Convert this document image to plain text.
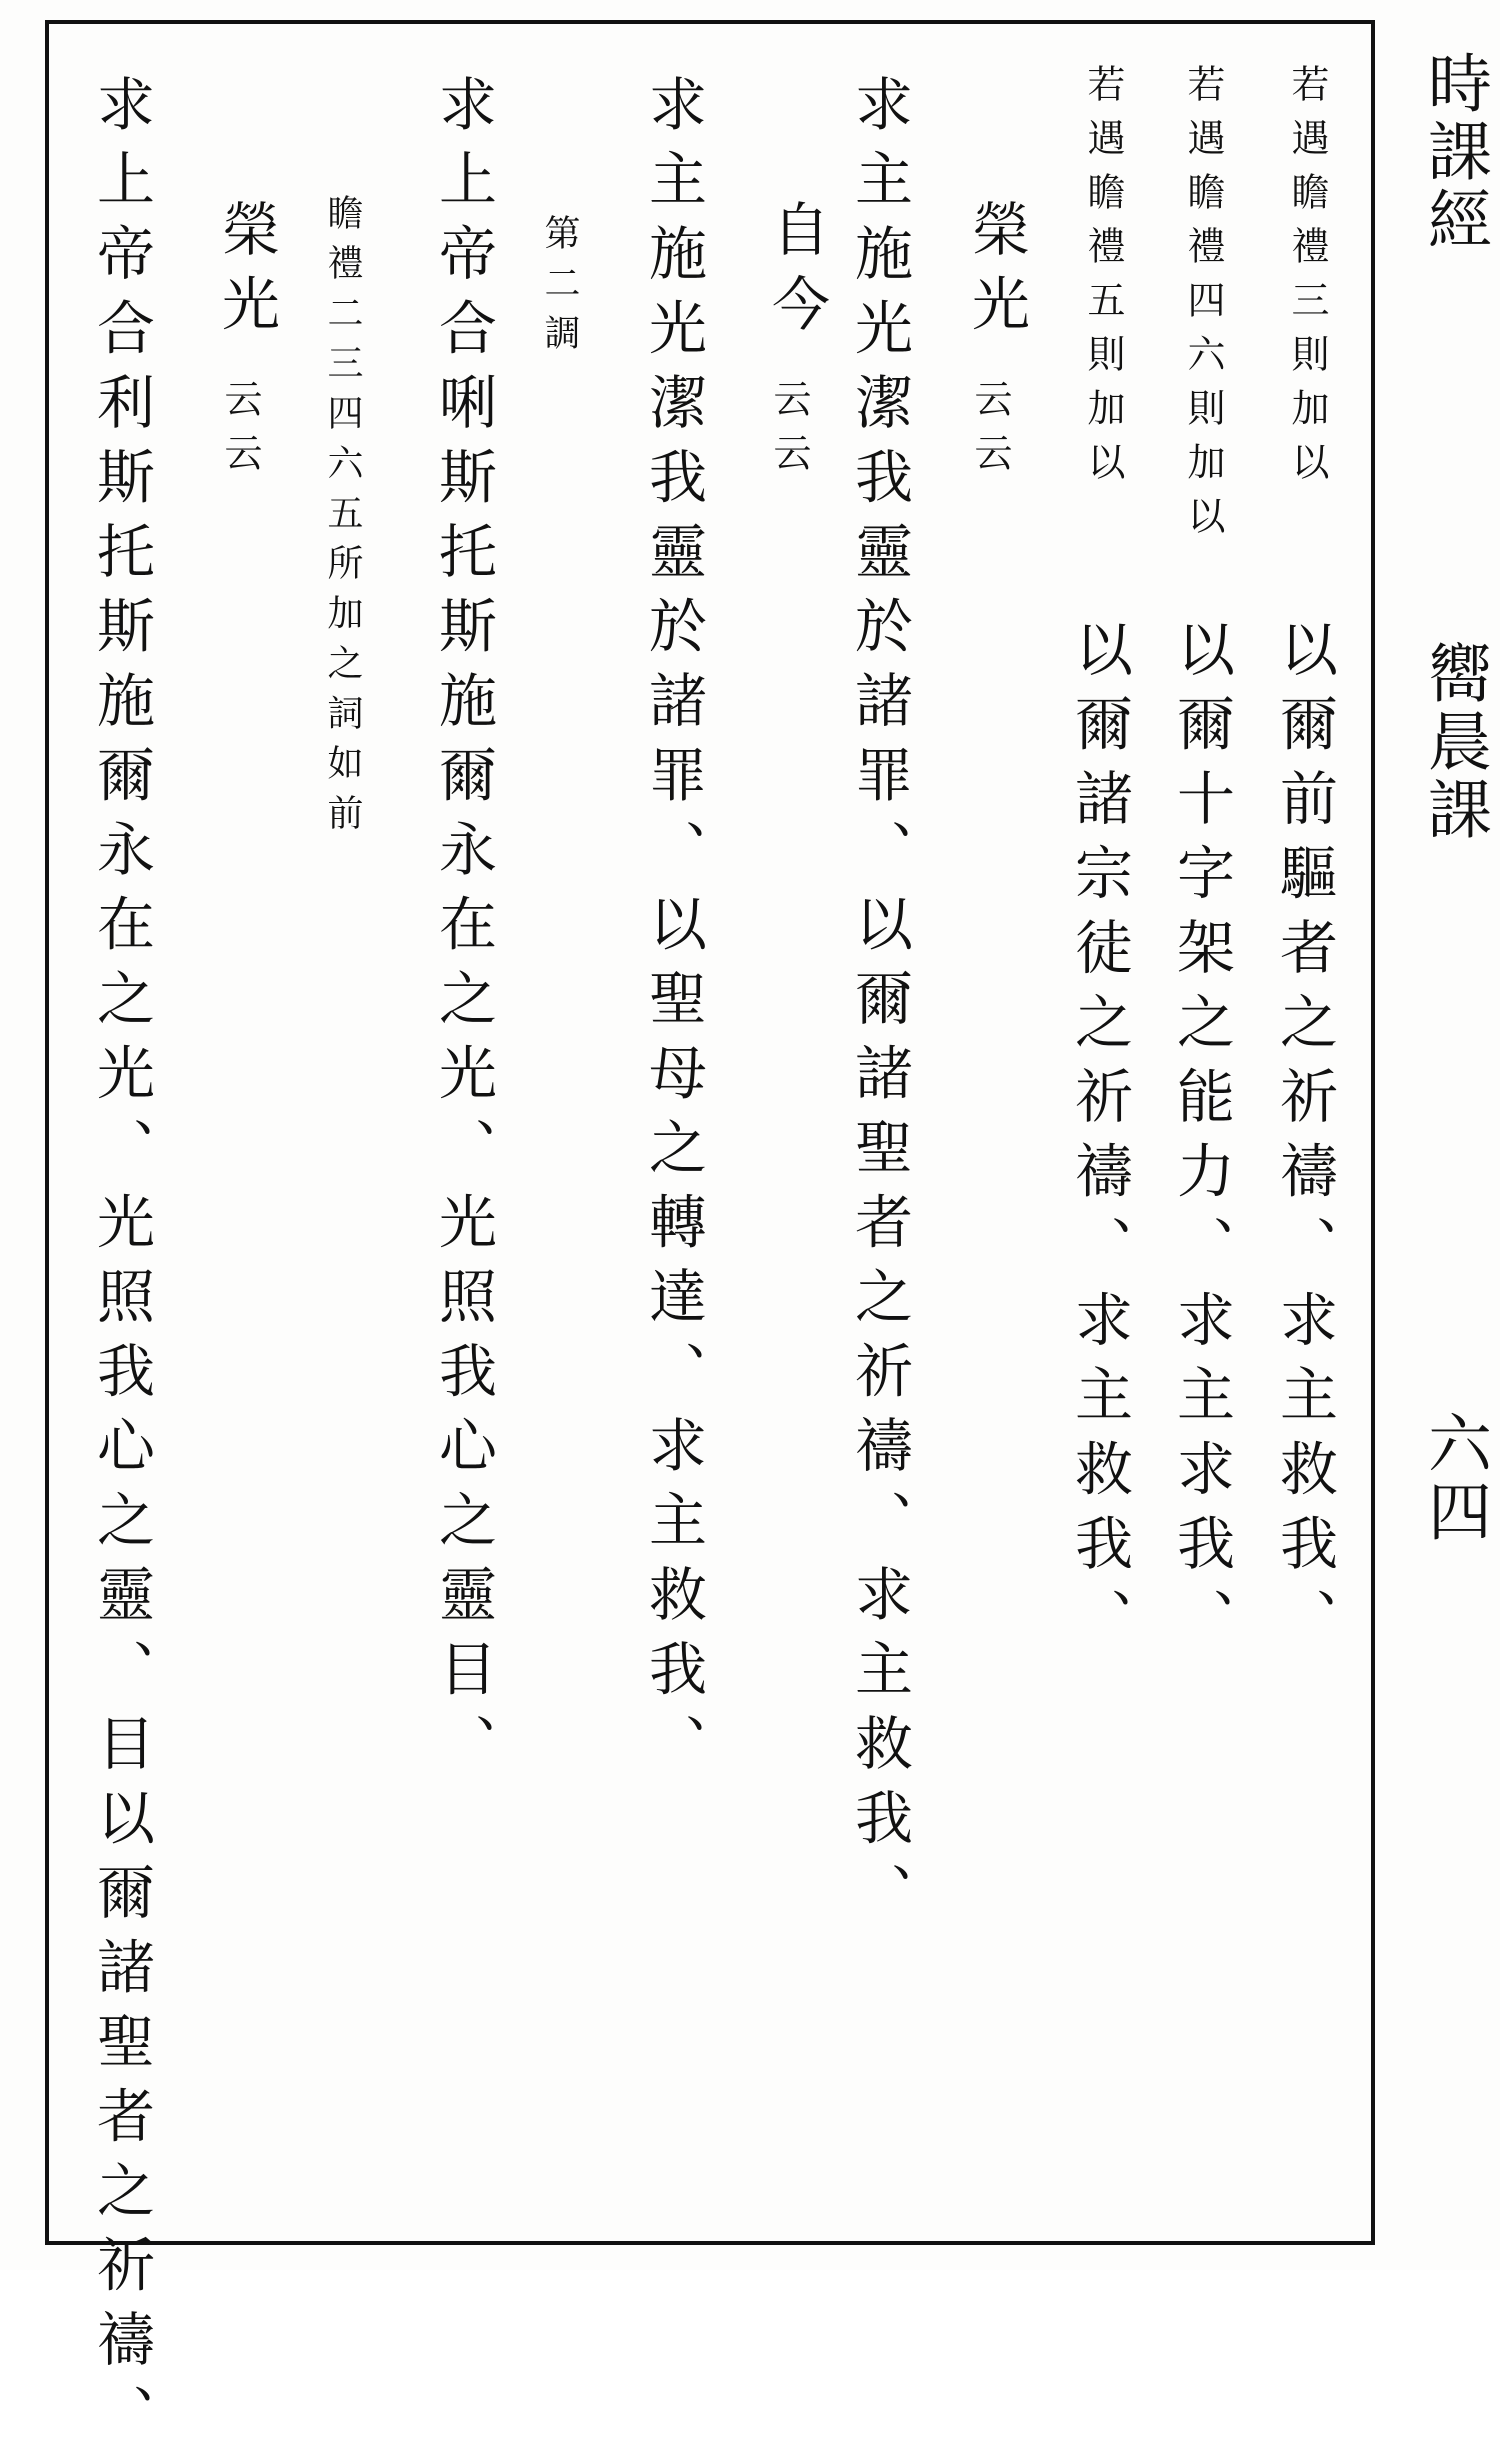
時課經
嚮晨課
六四
若遇瞻禮三則加以
以爾前驅者之祈禱、求主救我、
若遇瞻禮四六則加以
以爾十字架之能力、求主求我、
若遇瞻禮五則加以
以爾諸宗徒之祈禱、求主救我、
榮光
云云
求主施光潔我靈於諸罪、以爾諸聖者之祈禱、求主救我、
自今
云云
求主施光潔我靈於諸罪、以聖母之轉達、求主救我、
第二調
求上帝合唎斯托斯施爾永在之光、光照我心之靈目、
瞻禮二三四六五所加之詞如前
榮光
云云
求上帝合利斯托斯施爾永在之光、光照我心之靈、目以爾諸聖者之祈禱、
